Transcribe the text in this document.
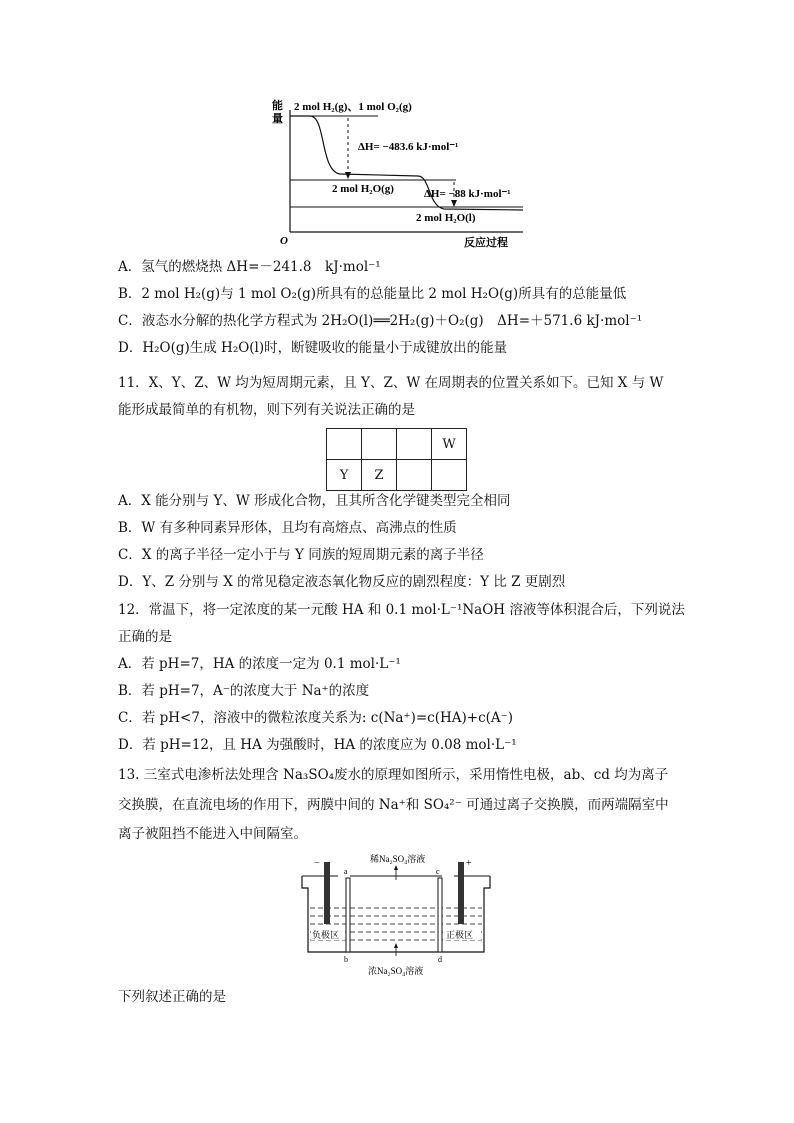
能
量
2 mol H₂(g)、1 mol O₂(g)
ΔH= −483.6 kJ·mol⁻¹
2 mol H₂O(g)	ΔH= −88 kJ·mol⁻¹
2 mol H₂O(l)
O	反应过程
A．氢气的燃烧热 ΔH=－241.8　kJ·mol⁻¹
B．2 mol H₂(g)与 1 mol O₂(g)所具有的总能量比 2 mol H₂O(g)所具有的总能量低
C．液态水分解的热化学方程式为 2H₂O(l)══2H₂(g)＋O₂(g)　ΔH=＋571.6 kJ·mol⁻¹
D．H₂O(g)生成 H₂O(l)时，断键吸收的能量小于成键放出的能量
11．X、Y、Z、W 均为短周期元素，且 Y、Z、W 在周期表的位置关系如下。已知 X 与 W
能形成最简单的有机物，则下列有关说法正确的是
			W
Y	Z		
A．X 能分别与 Y、W 形成化合物，且其所含化学键类型完全相同
B．W 有多种同素异形体，且均有高熔点、高沸点的性质
C．X 的离子半径一定小于与 Y 同族的短周期元素的离子半径
D．Y、Z 分别与 X 的常见稳定液态氧化物反应的剧烈程度：Y 比 Z 更剧烈
12．常温下，将一定浓度的某一元酸 HA 和 0.1 mol·L⁻¹NaOH 溶液等体积混合后，下列说法
正确的是
A．若 pH=7，HA 的浓度一定为 0.1 mol·L⁻¹
B．若 pH=7，A⁻的浓度大于 Na⁺的浓度
C．若 pH<7，溶液中的微粒浓度关系为: c(Na⁺)=c(HA)+c(A⁻)
D．若 pH=12，且 HA 为强酸时，HA 的浓度应为 0.08 mol·L⁻¹
13. 三室式电渗析法处理含 Na₃SO₄废水的原理如图所示，采用惰性电极，ab、cd 均为离子
交换膜，在直流电场的作用下，两膜中间的 Na⁺和 SO₄²⁻ 可通过离子交换膜，而两端隔室中
离子被阻挡不能进入中间隔室。
稀Na₂SO₄溶液
浓Na₂SO₄溶液
−	+
a
b
c
d
负极区	正极区
下列叙述正确的是
